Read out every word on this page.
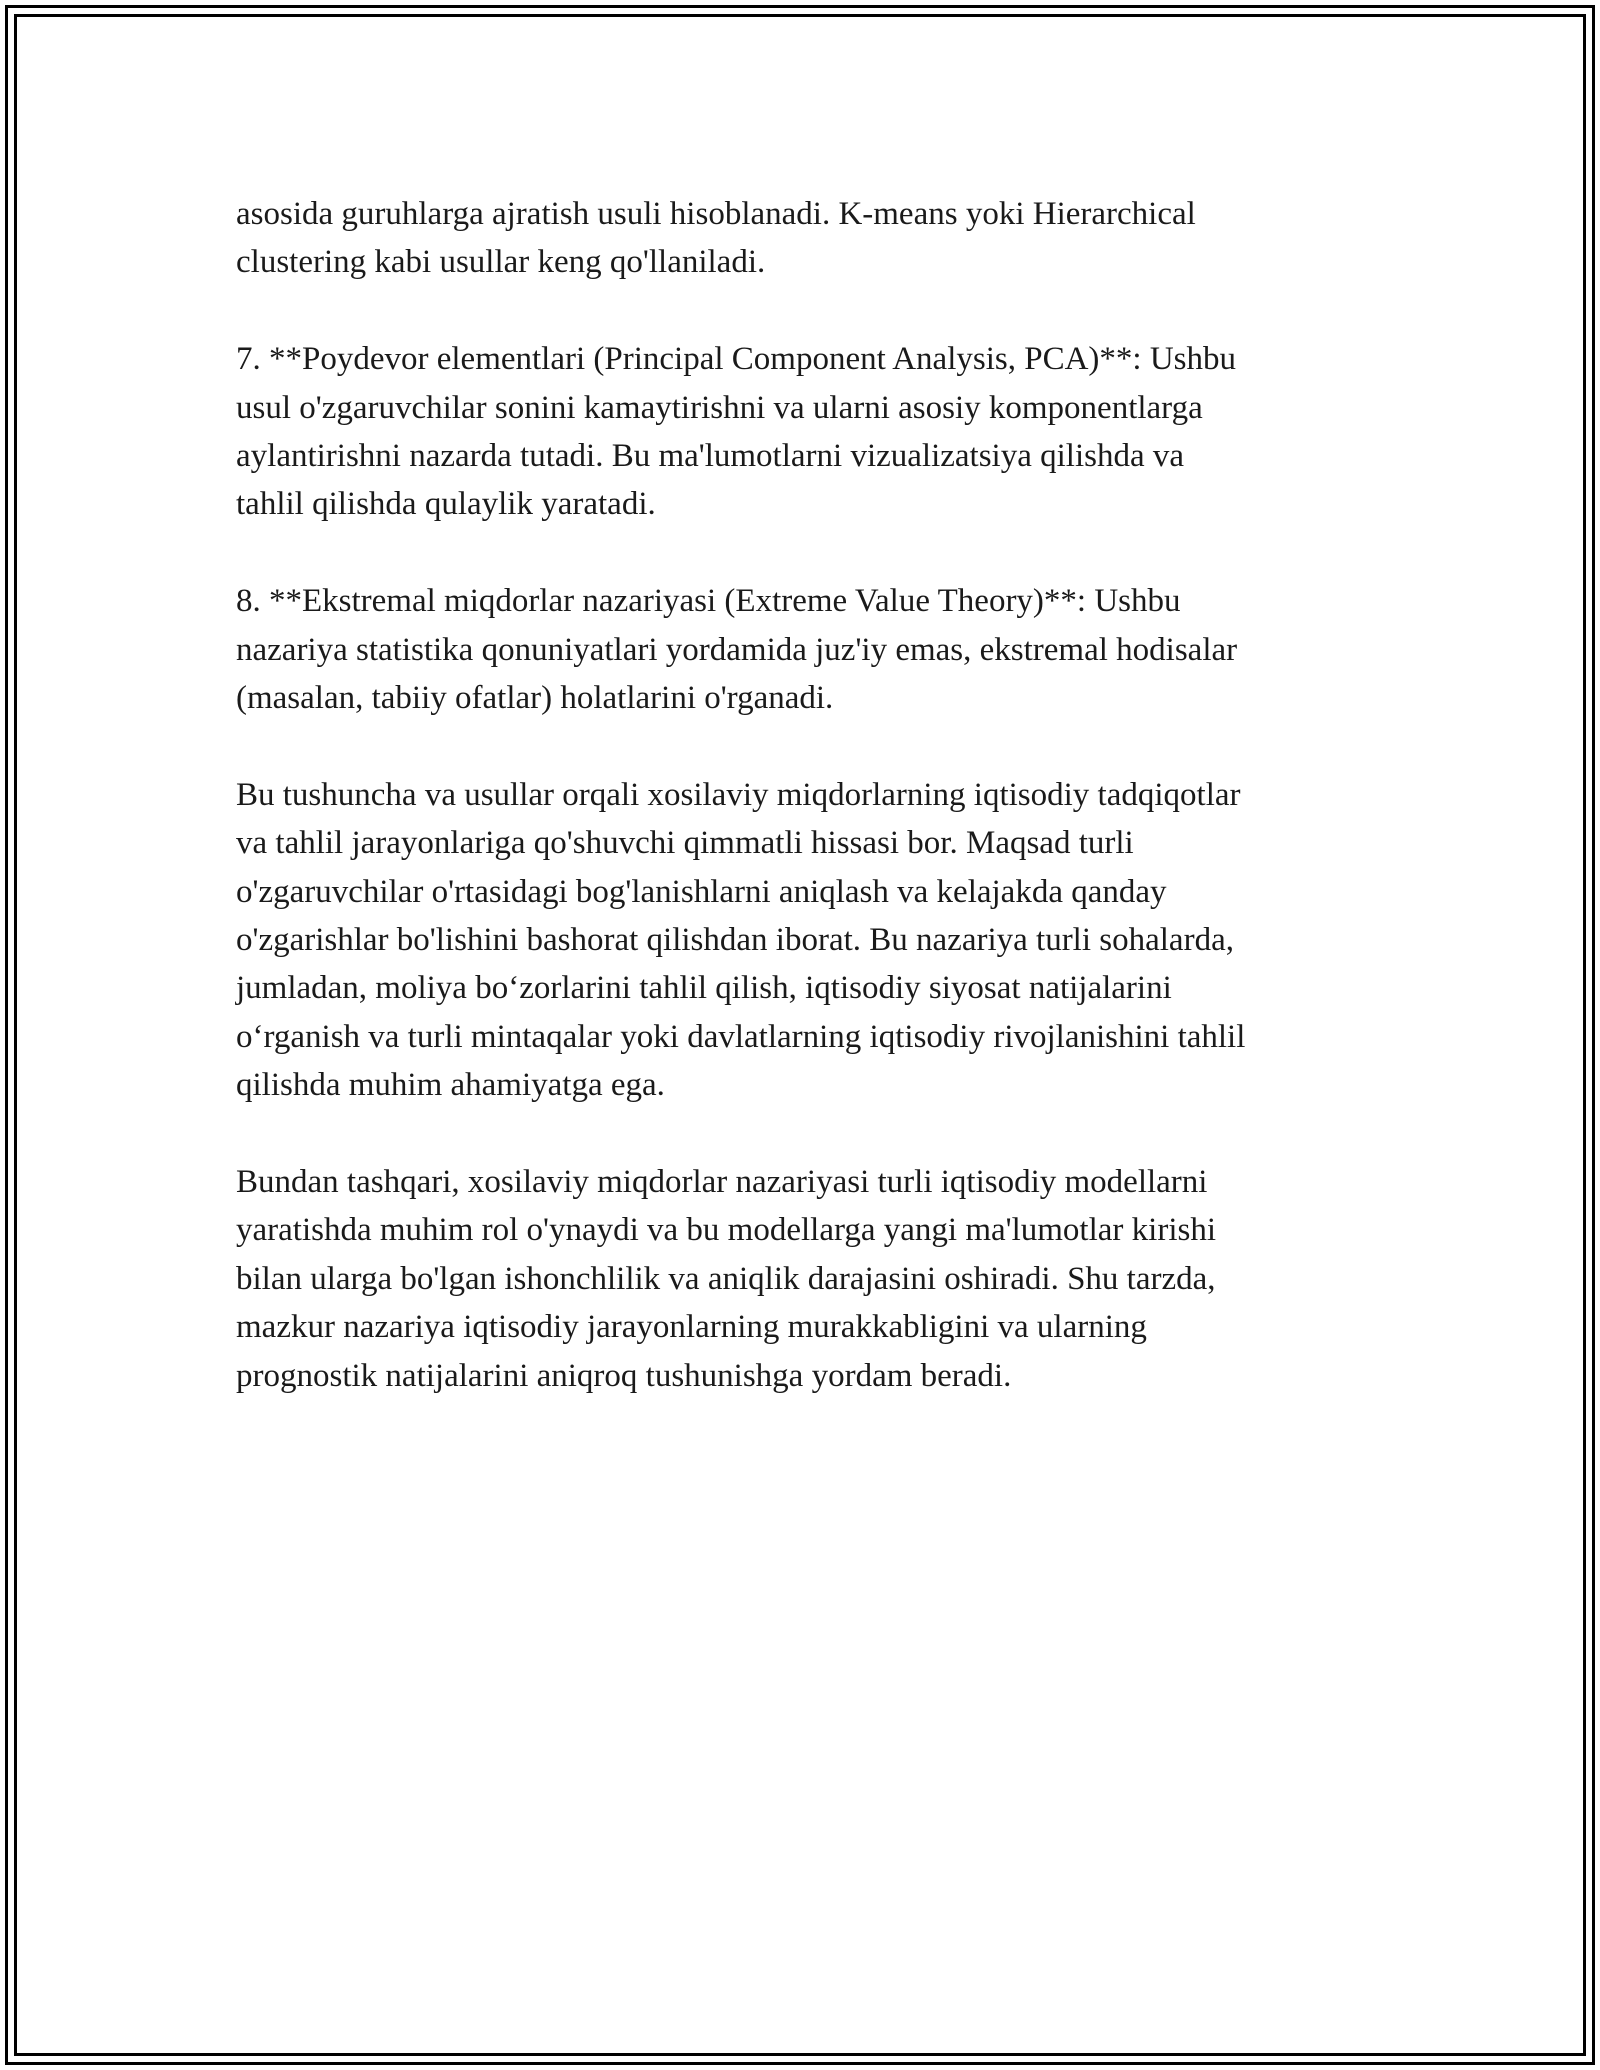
asosida guruhlarga ajratish usuli hisoblanadi. K-means yoki Hierarchical
clustering kabi usullar keng qo'llaniladi.

7. **Poydevor elementlari (Principal Component Analysis, PCA)**: Ushbu
usul o'zgaruvchilar sonini kamaytirishni va ularni asosiy komponentlarga
aylantirishni nazarda tutadi. Bu ma'lumotlarni vizualizatsiya qilishda va
tahlil qilishda qulaylik yaratadi.

8. **Ekstremal miqdorlar nazariyasi (Extreme Value Theory)**: Ushbu
nazariya statistika qonuniyatlari yordamida juz'iy emas, ekstremal hodisalar
(masalan, tabiiy ofatlar) holatlarini o'rganadi.

Bu tushuncha va usullar orqali xosilaviy miqdorlarning iqtisodiy tadqiqotlar
va tahlil jarayonlariga qo'shuvchi qimmatli hissasi bor. Maqsad turli
o'zgaruvchilar o'rtasidagi bog'lanishlarni aniqlash va kelajakda qanday
o'zgarishlar bo'lishini bashorat qilishdan iborat. Bu nazariya turli sohalarda,
jumladan, moliya bo‘zorlarini tahlil qilish, iqtisodiy siyosat natijalarini
o‘rganish va turli mintaqalar yoki davlatlarning iqtisodiy rivojlanishini tahlil
qilishda muhim ahamiyatga ega.

Bundan tashqari, xosilaviy miqdorlar nazariyasi turli iqtisodiy modellarni
yaratishda muhim rol o'ynaydi va bu modellarga yangi ma'lumotlar kirishi
bilan ularga bo'lgan ishonchlilik va aniqlik darajasini oshiradi. Shu tarzda,
mazkur nazariya iqtisodiy jarayonlarning murakkabligini va ularning
prognostik natijalarini aniqroq tushunishga yordam beradi.
